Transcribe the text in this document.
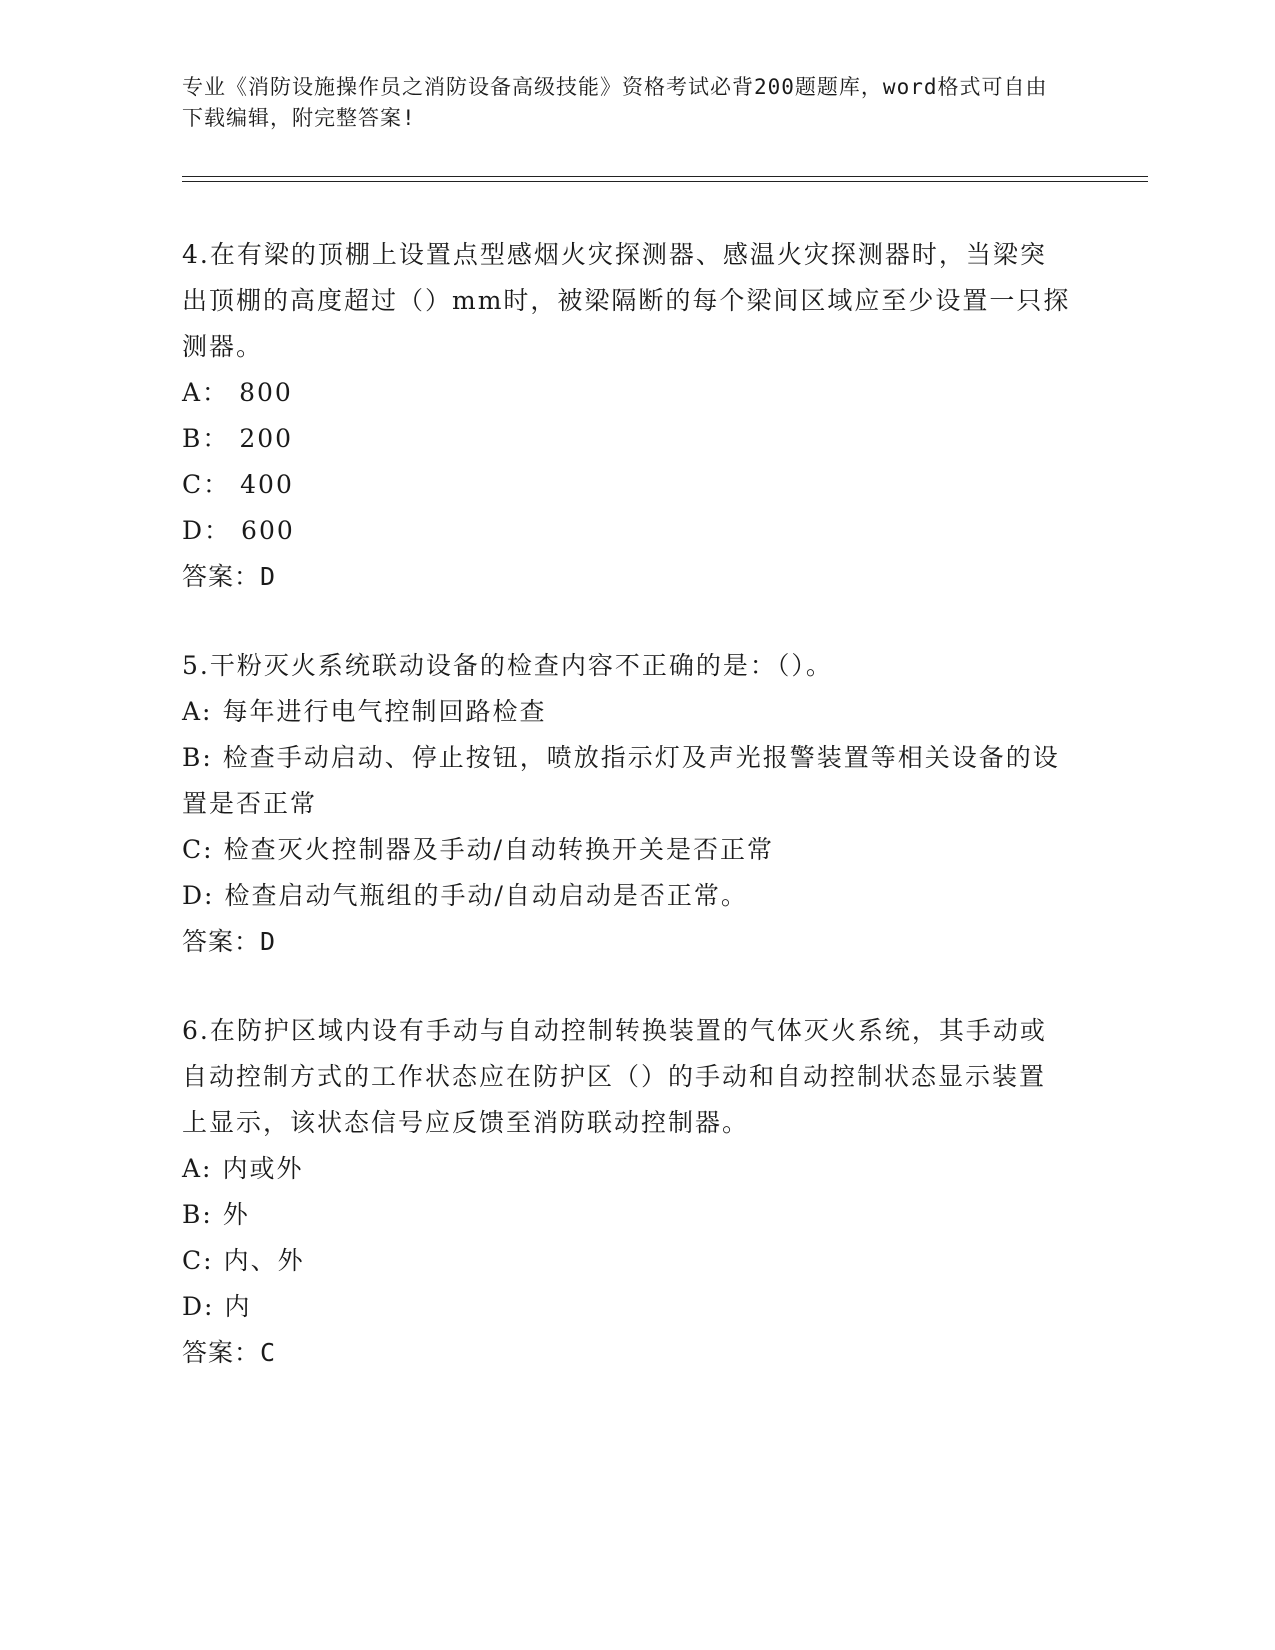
专业《消防设施操作员之消防设备高级技能》资格考试必背200题题库，word格式可自由下载编辑，附完整答案!

4.在有梁的顶棚上设置点型感烟火灾探测器、感温火灾探测器时，当梁突出顶棚的高度超过（）mm时，被梁隔断的每个梁间区域应至少设置一只探测器。

A： 800

B： 200

C： 400

D： 600

答案：D

5.干粉灭火系统联动设备的检查内容不正确的是：（）。

A: 每年进行电气控制回路检查

B: 检查手动启动、停止按钮，喷放指示灯及声光报警装置等相关设备的设置是否正常

C: 检查灭火控制器及手动/自动转换开关是否正常

D: 检查启动气瓶组的手动/自动启动是否正常。

答案：D

6.在防护区域内设有手动与自动控制转换装置的气体灭火系统，其手动或自动控制方式的工作状态应在防护区（）的手动和自动控制状态显示装置上显示，该状态信号应反馈至消防联动控制器。

A: 内或外

B: 外

C: 内、外

D: 内

答案：C
